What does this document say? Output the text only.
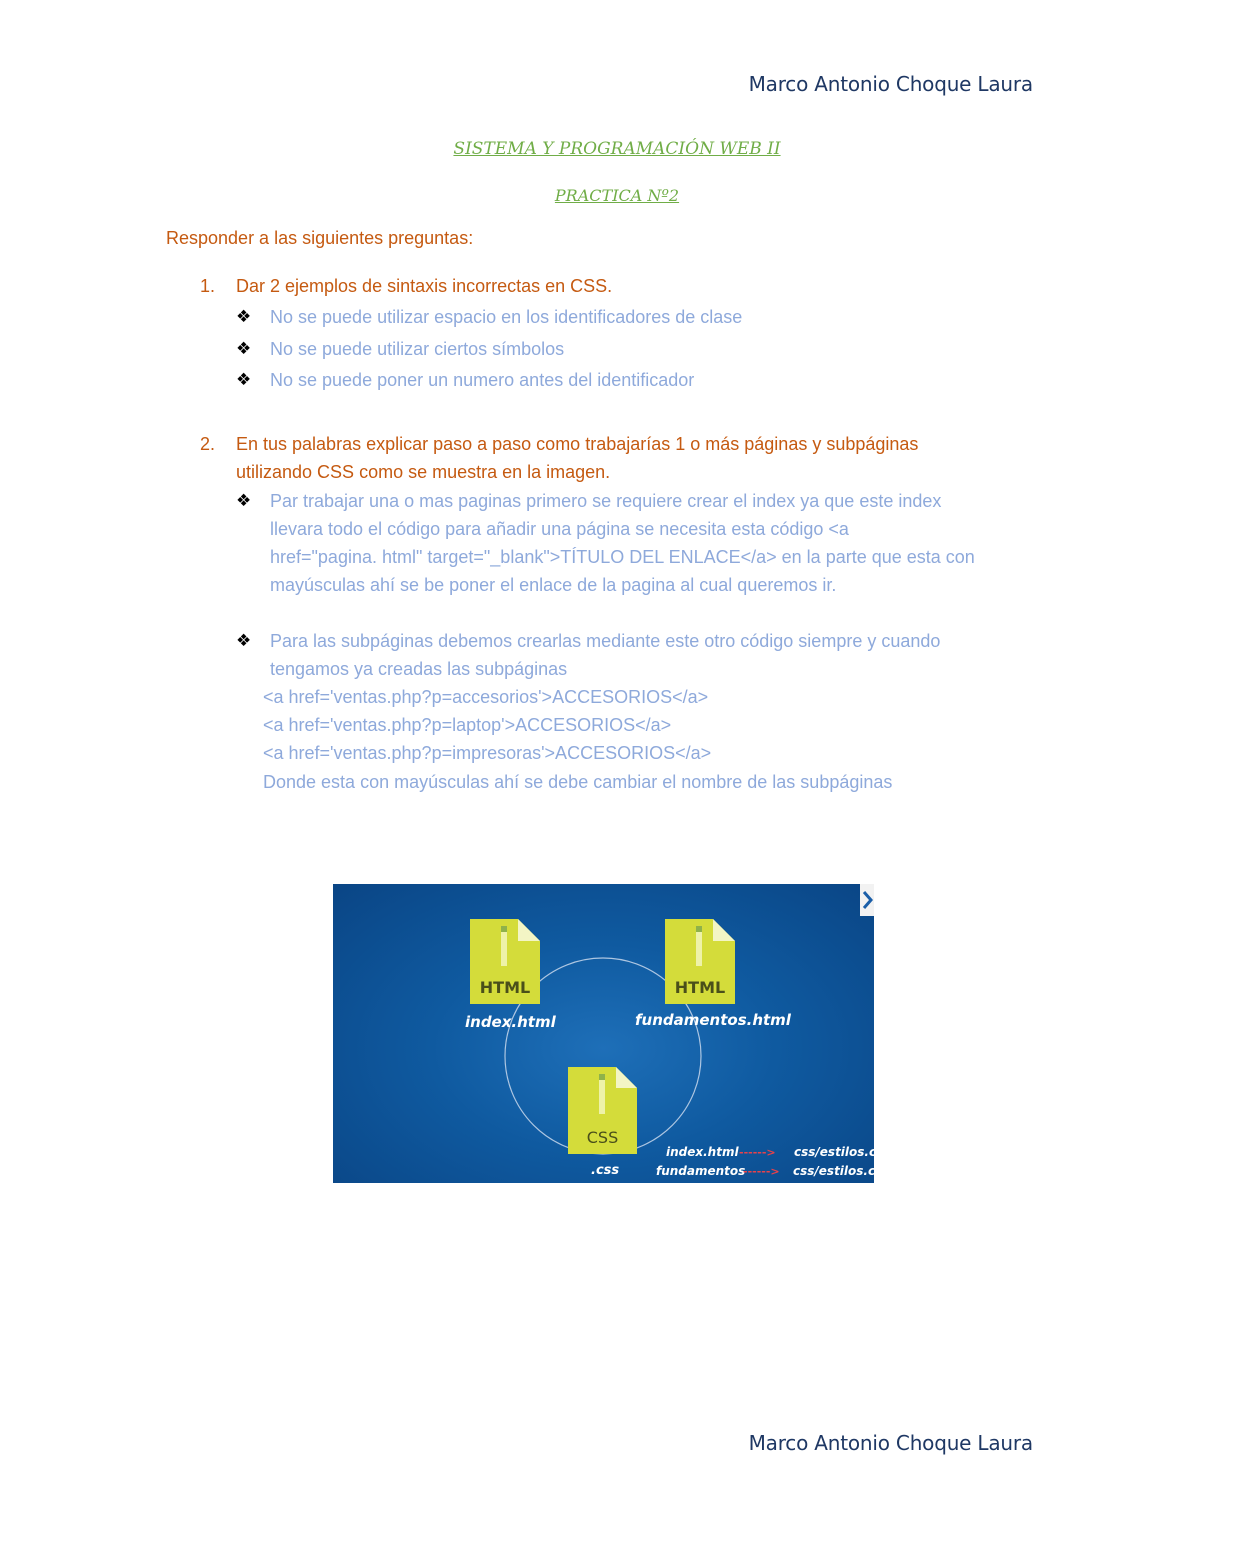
Marco Antonio Choque Laura
SISTEMA Y PROGRAMACIÓN WEB II
PRACTICA Nº2
Responder a las siguientes preguntas:
1. Dar 2 ejemplos de sintaxis incorrectas en CSS.
❖ No se puede utilizar espacio en los identificadores de clase
❖ No se puede utilizar ciertos símbolos
❖ No se puede poner un numero antes del identificador
2. En tus palabras explicar paso a paso como trabajarías 1 o más páginas y subpáginas
utilizando CSS como se muestra en la imagen.
❖ Par trabajar una o mas paginas primero se requiere crear el index ya que este index
llevara todo el código para añadir una página se necesita esta código <a
href="pagina. html" target="_blank">TÍTULO DEL ENLACE</a> en la parte que esta con
mayúsculas ahí se be poner el enlace de la pagina al cual queremos ir.
❖ Para las subpáginas debemos crearlas mediante este otro código siempre y cuando
tengamos ya creadas las subpáginas
<a href='ventas.php?p=accesorios'>ACCESORIOS</a>
<a href='ventas.php?p=laptop'>ACCESORIOS</a>
<a href='ventas.php?p=impresoras'>ACCESORIOS</a>
Donde esta con mayúsculas ahí se debe cambiar el nombre de las subpáginas
HTML	HTML
CSS
index.html	fundamentos.html
.css
index.html ------> css/estilos.css
fundamentos
------> css/estilos.css
Marco Antonio Choque Laura
